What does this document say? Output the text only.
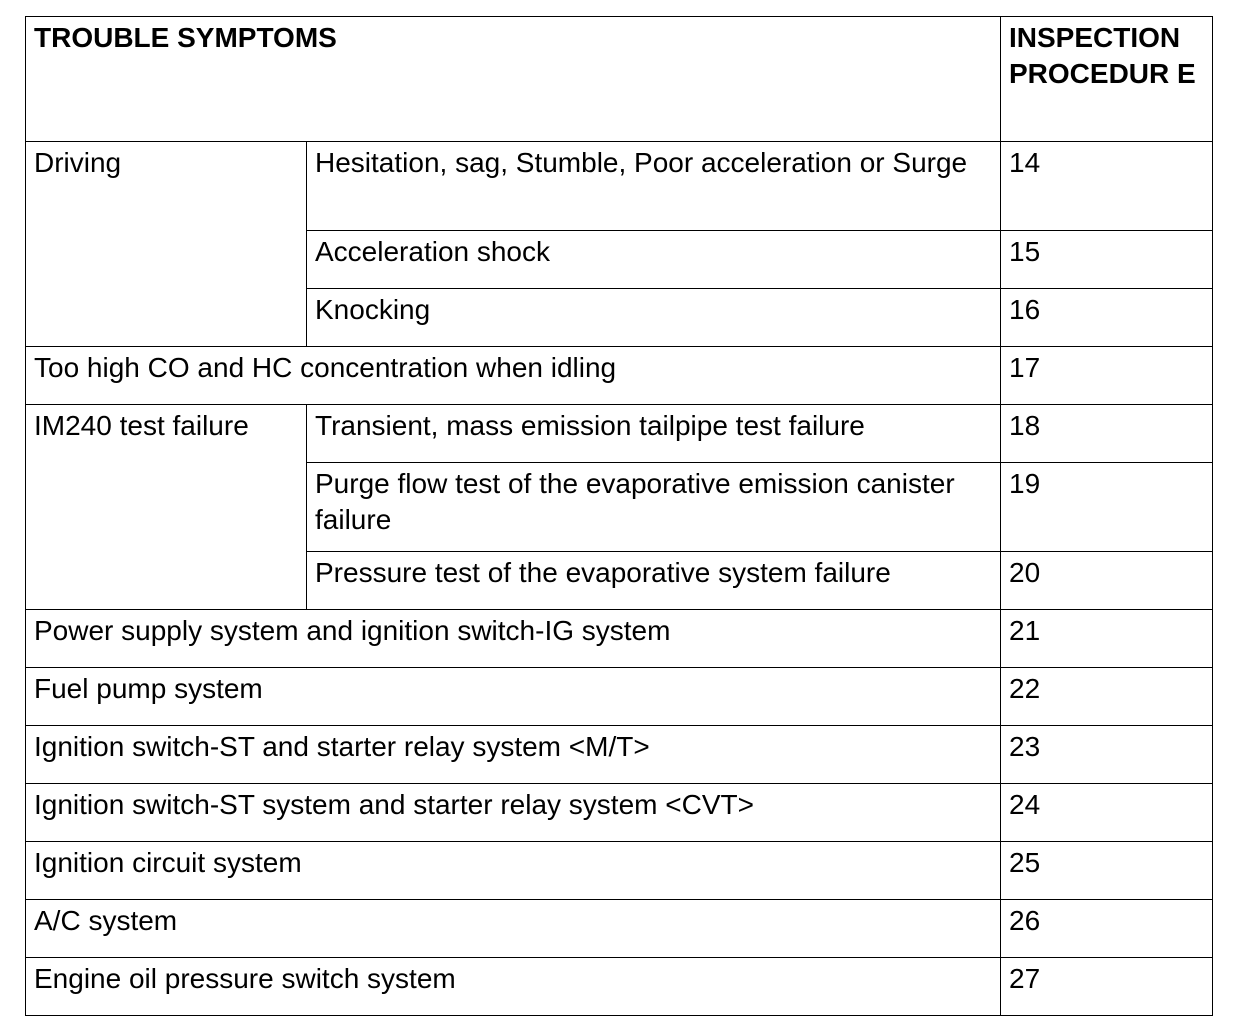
TROUBLE SYMPTOMS		INSPECTION PROCEDUR E
Driving	Hesitation, sag, Stumble, Poor acceleration or Surge	14
	Acceleration shock	15
	Knocking	16
Too high CO and HC concentration when idling		17
IM240 test failure	Transient, mass emission tailpipe test failure	18
	Purge flow test of the evaporative emission canister failure	19
	Pressure test of the evaporative system failure	20
Power supply system and ignition switch-IG system		21
Fuel pump system		22
Ignition switch-ST and starter relay system <M/T>		23
Ignition switch-ST system and starter relay system <CVT>		24
Ignition circuit system		25
A/C system		26
Engine oil pressure switch system		27
